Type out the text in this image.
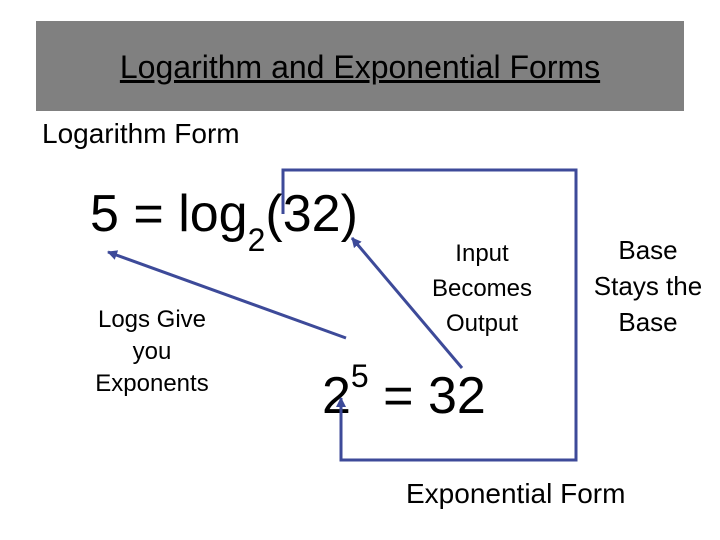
Logarithm and Exponential Forms
Logarithm Form
$5 = \log_2(32)$
$2^5 = 32$
Logs Give
you
Exponents
Input
Becomes
Output
Base
Stays the
Base
Exponential Form
